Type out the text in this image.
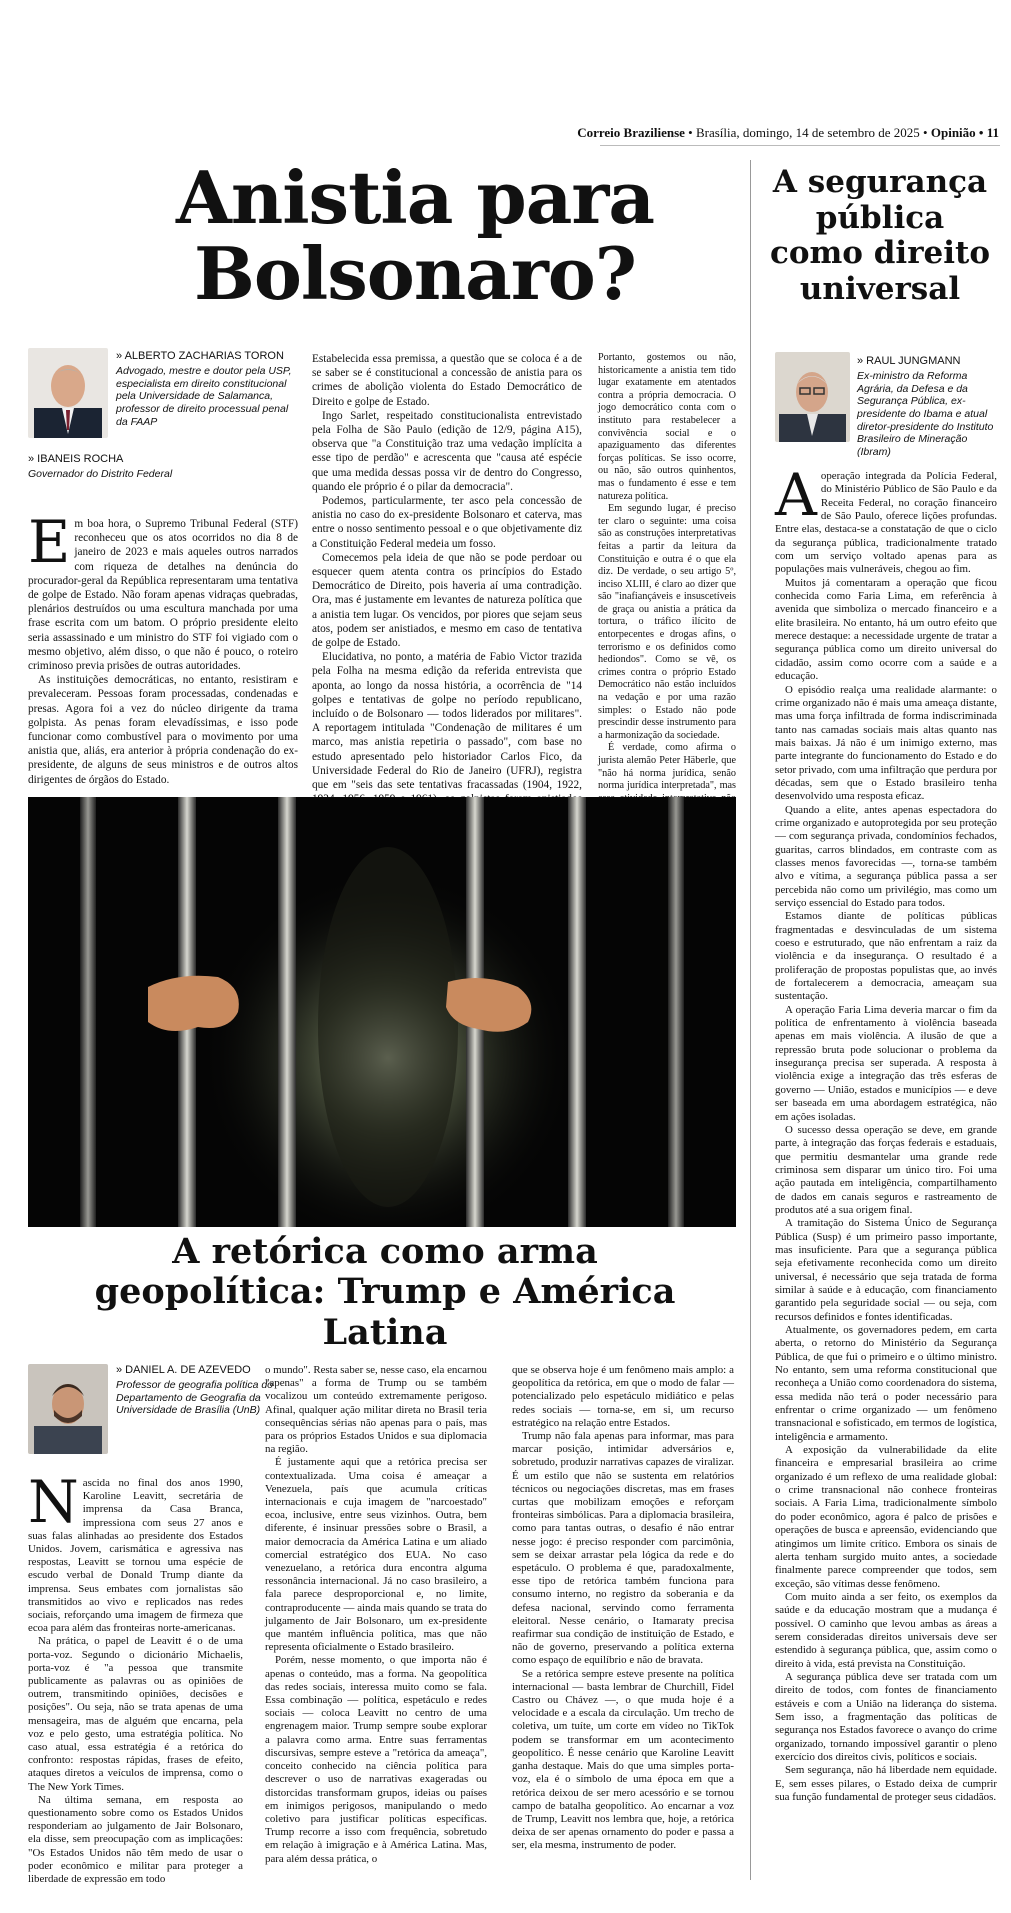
Correio Braziliense • Brasília, domingo, 14 de setembro de 2025 • Opinião • 11
Anistia para Bolsonaro?
» ALBERTO ZACHARIAS TORON
Advogado, mestre e doutor pela USP, especialista em direito constitucional pela Universidade de Salamanca, professor de direito processual penal da FAAP
» IBANEIS ROCHA
Governador do Distrito Federal

Em boa hora, o Supremo Tribunal Federal (STF) reconheceu que os atos ocorridos no dia 8 de janeiro de 2023 e mais aqueles outros narrados com riqueza de detalhes na denúncia do procurador-geral da República representaram uma tentativa de golpe de Estado. Não foram apenas vidraças quebradas, plenários destruídos ou uma escultura manchada por uma frase escrita com um batom. O próprio presidente eleito seria assassinado e um ministro do STF foi vigiado com o mesmo objetivo, além disso, o que não é pouco, o roteiro criminoso previa prisões de outras autoridades.

As instituições democráticas, no entanto, resistiram e prevaleceram. Pessoas foram processadas, condenadas e presas. Agora foi a vez do núcleo dirigente da trama golpista. As penas foram elevadíssimas, e isso pode funcionar como combustível para o movimento por uma anistia que, aliás, era anterior à própria condenação do ex-presidente, de alguns de seus ministros e de outros altos dirigentes de órgãos do Estado.

Estabelecida essa premissa, a questão que se coloca é a de se saber se é constitucional a concessão de anistia para os crimes de abolição violenta do Estado Democrático de Direito e golpe de Estado.

Ingo Sarlet, respeitado constitucionalista entrevistado pela Folha de São Paulo (edição de 12/9, página A15), observa que "a Constituição traz uma vedação implícita a esse tipo de perdão" e acrescenta que "causa até espécie que uma medida dessas possa vir de dentro do Congresso, quando ele próprio é o pilar da democracia".

Podemos, particularmente, ter asco pela concessão de anistia no caso do ex-presidente Bolsonaro et caterva, mas entre o nosso sentimento pessoal e o que objetivamente diz a Constituição Federal medeia um fosso.

Comecemos pela ideia de que não se pode perdoar ou esquecer quem atenta contra os princípios do Estado Democrático de Direito, pois haveria aí uma contradição. Ora, mas é justamente em levantes de natureza política que a anistia tem lugar. Os vencidos, por piores que sejam seus atos, podem ser anistiados, e mesmo em caso de tentativa de golpe de Estado.

Elucidativa, no ponto, a matéria de Fabio Victor trazida pela Folha na mesma edição da referida entrevista que aponta, ao longo da nossa história, a ocorrência de "14 golpes e tentativas de golpe no período republicano, incluído o de Bolsonaro — todos liderados por militares". A reportagem intitulada "Condenação de militares é um marco, mas anistia repetiria o passado", com base no estudo apresentado pelo historiador Carlos Fico, da Universidade Federal do Rio de Janeiro (UFRJ), registra que em "seis das sete tentativas fracassadas (1904, 1922,

Portanto, gostemos ou não, historicamente a anistia tem tido lugar exatamente em atentados contra a própria democracia. O jogo democrático conta com o instituto para restabelecer a convivência social e o apaziguamento das diferentes forças políticas. Se isso ocorre, ou não, são outros quinhentos, mas o fundamento é esse e tem natureza política.

Em segundo lugar, é preciso ter claro o seguinte: uma coisa são as construções interpretativas feitas a partir da leitura da Constituição e outra é o que ela diz. De verdade, o seu artigo 5º, inciso XLIII, é claro ao dizer que são "inafiançáveis e insuscetíveis de graça ou anistia a prática da tortura, o tráfico ilícito de entorpecentes e drogas afins, o terrorismo e os definidos como hediondos". Como se vê, os crimes contra o próprio Estado Democrático não estão incluídos na vedação e por uma razão simples: o Estado não pode prescindir desse instrumento para a harmonização da sociedade.

É verdade, como afirma o jurista alemão Peter Häberle, que "não há norma jurídica, senão norma jurídica interpretada", mas

A segurança pública como direito universal
» RAUL JUNGMANN
Ex-ministro da Reforma Agrária, da Defesa e da Segurança Pública, ex-presidente do Ibama e atual diretor-presidente do Instituto Brasileiro de Mineração (Ibram)

A operação integrada da Polícia Federal, do Ministério Público de São Paulo e da Receita Federal, no coração financeiro de São Paulo, oferece lições profundas. Entre elas, destaca-se a constatação de que o ciclo da segurança pública, tradicionalmente tratado com um serviço voltado apenas para as populações mais vulneráveis, chegou ao fim.

Muitos já comentaram a operação que ficou conhecida como Faria Lima, em referência à avenida que simboliza o mercado financeiro e a elite brasileira. No entanto, há um outro efeito que merece destaque: a necessidade urgente de tratar a segurança pública como um direito universal do cidadão, assim como ocorre com a saúde e a educação.

O episódio realça uma realidade alarmante: o crime organizado não é mais uma ameaça distante, mas uma força infiltrada de forma indiscriminada tanto nas camadas sociais mais altas quanto nas mais baixas. Já não é um inimigo externo, mas parte integrante do funcionamento do Estado e do setor privado, com uma infiltração que perdura por décadas, sem que o Estado brasileiro tenha desenvolvido uma resposta eficaz.

Quando a elite, antes apenas espectadora do crime organizado e autoprotegida por seu proteção — com segurança privada, condomínios fechados, guaritas, carros blindados, em contraste com as classes menos favorecidas —, torna-se também alvo e vítima, a segurança pública passa a ser percebida não como um privilégio, mas como um serviço essencial do Estado para todos.

Estamos diante de políticas públicas fragmentadas e desvinculadas de um sistema coeso e estruturado, que não enfrentam a raiz da violência e da insegurança. O resultado é a proliferação de propostas populistas que, ao invés de fortalecerem a democracia, ameaçam sua sustentação.

A operação Faria Lima deveria marcar o fim da política de enfrentamento à violência baseada apenas em mais violência. A ilusão de que a repressão bruta pode solucionar o problema da insegurança precisa ser superada. A resposta à violência exige a integração das três esferas de governo — União, estados e municípios — e deve ser baseada em uma abordagem estratégica, não em ações isoladas.

O sucesso dessa operação se deve, em grande parte, à integração das forças federais e estaduais, que permitiu desmantelar uma grande rede criminosa sem disparar um único tiro. Foi uma ação pautada em inteligência, compartilhamento de dados em canais seguros e rastreamento de produtos até a sua origem final.

A tramitação do Sistema Único de Segurança Pública (Susp) é um primeiro passo importante, mas insuficiente. Para que a segurança pública seja efetivamente reconhecida como um direito universal, é necessário que seja tratada de forma similar à saúde e à educação, com financiamento garantido pela seguridade social — ou seja, com recursos definidos e fontes identificadas.

Atualmente, os governadores pedem, em carta aberta, o retorno do Ministério da Segurança Pública, de que fui o primeiro e o último ministro. No entanto, sem uma reforma constitucional que reconheça a União como coordenadora do sistema, essa medida não terá o poder necessário para enfrentar o crime organizado — um fenômeno transnacional e sofisticado, em termos de logística, inteligência e armamento.

A exposição da vulnerabilidade da elite financeira e empresarial brasileira ao crime organizado é um reflexo de uma realidade global: o crime transnacional não conhece fronteiras sociais. A Faria Lima, tradicionalmente símbolo do poder econômico, agora é palco de prisões e operações de busca e apreensão, evidenciando que atingimos um limite crítico. Embora os sinais de alerta tenham surgido muito antes, a sociedade finalmente parece compreender que todos, sem exceção, são vítimas desse fenômeno.

Com muito ainda a ser feito, os exemplos da saúde e da educação mostram que a mudança é possível. O caminho que levou ambas as áreas a serem consideradas direitos universais deve ser estendido à segurança pública, que, assim como o direito à vida, está prevista na Constituição.

A segurança pública deve ser tratada com um direito de todos, com fontes de financiamento estáveis e com a União na liderança do sistema. Sem isso, a fragmentação das políticas de segurança nos Estados favorece o avanço do crime organizado, tornando impossível garantir o pleno exercício dos direitos civis, políticos e sociais.

Sem segurança, não há liberdade nem equidade. E, sem esses pilares, o Estado deixa de cumprir sua função fundamental de proteger seus cidadãos.

A retórica como arma geopolítica: Trump e América Latina
» DANIEL A. DE AZEVEDO
Professor de geografia política do Departamento de Geografia da Universidade de Brasília (UnB)

Nascida no final dos anos 1990, Karoline Leavitt, secretária de imprensa da Casa Branca, impressiona com seus 27 anos e suas falas alinhadas ao presidente dos Estados Unidos. Jovem, carismática e agressiva nas respostas, Leavitt se tornou uma espécie de escudo verbal de Donald Trump diante da imprensa. Seus embates com jornalistas são transmitidos ao vivo e replicados nas redes sociais, reforçando uma imagem de firmeza que ecoa para além das fronteiras norte-americanas.

Na prática, o papel de Leavitt é o de uma porta-voz. Segundo o dicionário Michaelis, porta-voz é "a pessoa que transmite publicamente as palavras ou as opiniões de outrem, transmitindo opiniões, decisões e posições". Ou seja, não se trata apenas de uma mensageira, mas de alguém que encarna, pela voz e pelo gesto, uma estratégia política. No caso atual, essa estratégia é a retórica do confronto: respostas rápidas, frases de efeito, ataques diretos a veículos de imprensa, como o The New York Times.

Na última semana, em resposta ao questionamento sobre como os Estados Unidos responderiam ao julgamento de Jair Bolsonaro, ela disse, sem preocupação com as implicações: "Os Estados Unidos não têm medo de usar o poder econômico e militar para proteger a liberdade de expressão em todo

o mundo". Resta saber se, nesse caso, ela encarnou "apenas" a forma de Trump ou se também vocalizou um conteúdo extremamente perigoso. Afinal, qualquer ação militar direta no Brasil teria consequências sérias não apenas para o país, mas para os próprios Estados Unidos e sua diplomacia na região.

É justamente aqui que a retórica precisa ser contextualizada. Uma coisa é ameaçar a Venezuela, país que acumula críticas internacionais e cuja imagem de "narcoestado" ecoa, inclusive, entre seus vizinhos. Outra, bem diferente, é insinuar pressões sobre o Brasil, a maior democracia da América Latina e um aliado comercial estratégico dos EUA. No caso venezuelano, a retórica dura encontra alguma ressonância internacional. Já no caso brasileiro, a fala parece desproporcional e, no limite, contraproducente — ainda mais quando se trata do julgamento de Jair Bolsonaro, um ex-presidente que mantém influência política, mas que não representa oficialmente o Estado brasileiro.

Porém, nesse momento, o que importa não é apenas o conteúdo, mas a forma. Na geopolítica das redes sociais, interessa muito como se fala. Essa combinação — política, espetáculo e redes sociais — coloca Leavitt no centro de uma engrenagem maior. Trump sempre soube explorar a palavra como arma. Entre suas ferramentas discursivas, sempre esteve a "retórica da ameaça", conceito conhecido na ciência política para descrever o uso de narrativas exageradas ou distorcidas transformam grupos, ideias ou países em inimigos perigosos, manipulando o medo coletivo para justificar políticas específicas. Trump recorre a isso com frequência, sobretudo em relação à imigração e à América Latina. Mas, para além dessa prática, o

que se observa hoje é um fenômeno mais amplo: a geopolítica da retórica, em que o modo de falar — potencializado pelo espetáculo midiático e pelas redes sociais — torna-se, em si, um recurso estratégico na relação entre Estados.

Trump não fala apenas para informar, mas para marcar posição, intimidar adversários e, sobretudo, produzir narrativas capazes de viralizar. É um estilo que não se sustenta em relatórios técnicos ou negociações discretas, mas em frases curtas que mobilizam emoções e reforçam fronteiras simbólicas. Para a diplomacia brasileira, como para tantas outras, o desafio é não entrar nesse jogo: é preciso responder com parcimônia, sem se deixar arrastar pela lógica da rede e do espetáculo. O problema é que, paradoxalmente, esse tipo de retórica também funciona para consumo interno, no registro da soberania e da defesa nacional, servindo como ferramenta eleitoral. Nesse cenário, o Itamaraty precisa reafirmar sua condição de instituição de Estado, e não de governo, preservando a política externa como espaço de equilíbrio e não de bravata.

Se a retórica sempre esteve presente na política internacional — basta lembrar de Churchill, Fidel Castro ou Chávez —, o que muda hoje é a velocidade e a escala da circulação. Um trecho de coletiva, um tuíte, um corte em vídeo no TikTok podem se transformar em um acontecimento geopolítico. É nesse cenário que Karoline Leavitt ganha destaque. Mais do que uma simples porta-voz, ela é o símbolo de uma época em que a retórica deixou de ser mero acessório e se tornou campo de batalha geopolítico. Ao encarnar a voz de Trump, Leavitt nos lembra que, hoje, a retórica deixa de ser apenas ornamento do poder e passa a ser, ela mesma, instrumento de poder.
